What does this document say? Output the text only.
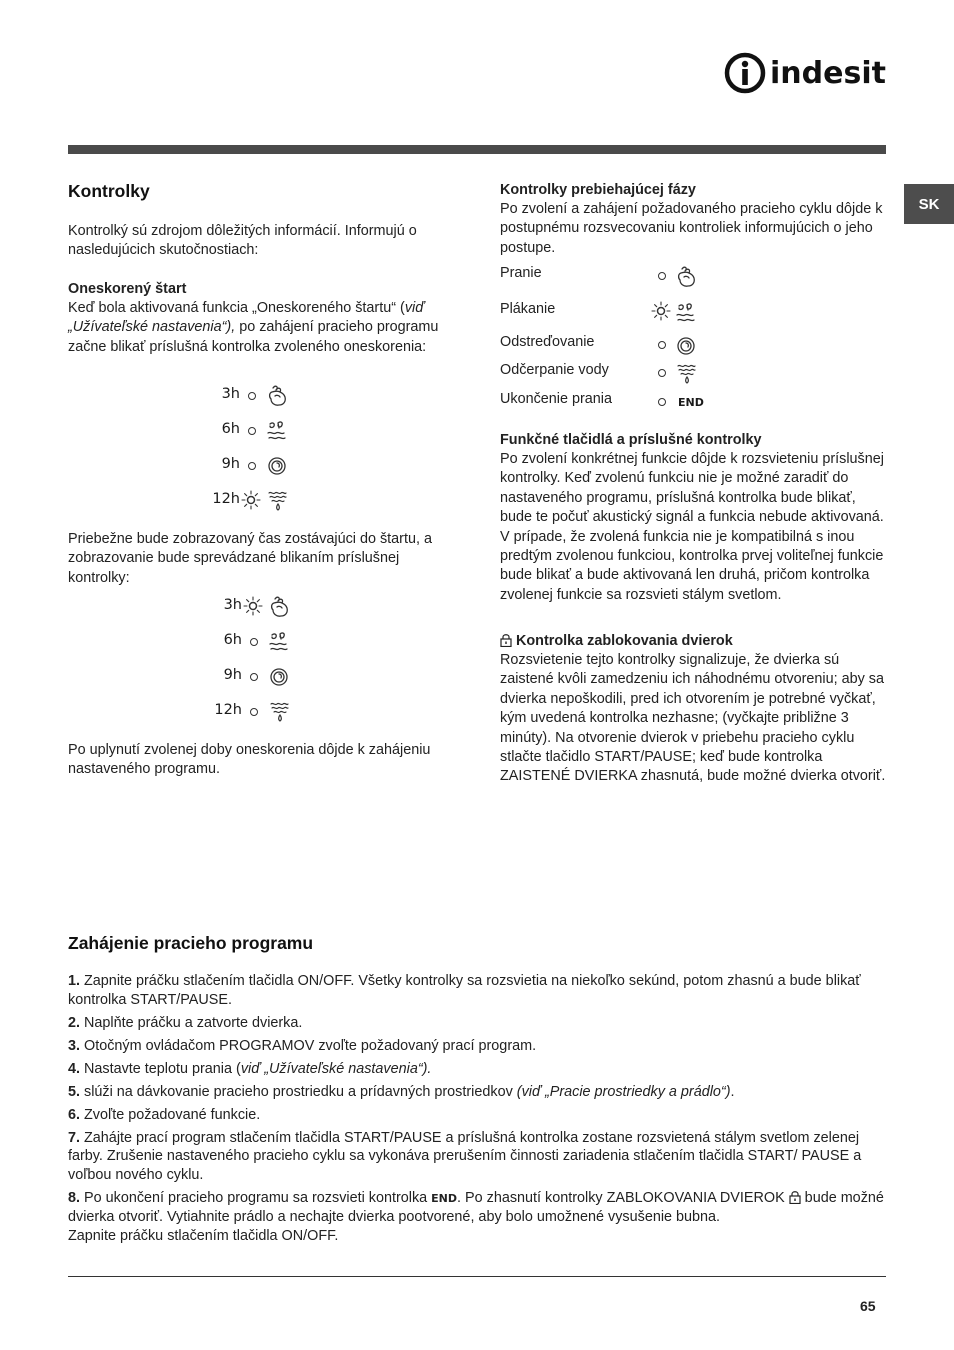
indesit
SK
Kontrolky

Kontrolký sú zdrojom dôležitých informácií. Informujú o nasledujúcich skutočnostiach:

Oneskorený štart

Keď bola aktivovaná funkcia „Oneskoreného štartu“ (viď „Užívateľské nastavenia“), po zahájení pracieho programu začne blikať príslušná kontrolka zvoleného oneskorenia:

3h
6h
9h
12h

Priebežne bude zobrazovaný čas zostávajúci do štartu, a zobrazovanie bude sprevádzané blikaním príslušnej kontrolky:

3h
6h
9h
12h

Po uplynutí zvolenej doby oneskorenia dôjde k zahájeniu nastaveného programu.

Kontrolky prebiehajúcej fázy

Po zvolení a zahájení požadovaného pracieho cyklu dôjde k postupnému rozsvecovaniu kontroliek informujúcich o jeho postupe.

Pranie
Plákanie
Odstreďovanie
Odčerpanie vody
Ukončenie prania	END

Funkčné tlačidlá a príslušné kontrolky

Po zvolení konkrétnej funkcie dôjde k rozsvieteniu príslušnej kontrolky. Keď zvolenú funkciu nie je možné zaradiť do nastaveného programu, príslušná kontrolka bude blikať, bude te počuť akustický signál a funkcia nebude aktivovaná. V prípade, že zvolená funkcia nie je kompatibilná s inou predtým zvolenou funkciou, kontrolka prvej voliteľnej funkcie bude blikať a bude aktivovaná len druhá, pričom kontrolka zvolenej funkcie sa rozsvieti stálym svetlom.

Kontrolka zablokovania dvierok

Rozsvietenie tejto kontrolky signalizuje, že dvierka sú zaistené kvôli zamedzeniu ich náhodnému otvoreniu; aby sa dvierka nepoškodili, pred ich otvorením je potrebné vyčkať, kým uvedená kontrolka nezhasne; (vyčkajte približne 3 minúty). Na otvorenie dvierok v priebehu pracieho cyklu stlačte tlačidlo START/PAUSE; keď bude kontrolka ZAISTENÉ DVIERKA zhasnutá, bude možné dvierka otvoriť.

Zahájenie pracieho programu
1. Zapnite práčku stlačením tlačidla ON/OFF. Všetky kontrolky sa rozsvietia na niekoľko sekúnd, potom zhasnú a bude blikať kontrolka START/PAUSE.
2. Naplňte práčku a zatvorte dvierka.
3. Otočným ovládačom PROGRAMOV zvoľte požadovaný prací program.
4. Nastavte teplotu prania (viď „Užívateľské nastavenia“).
5. slúži na dávkovanie pracieho prostriedku a prídavných prostriedkov (viď „Pracie prostriedky a prádlo“).
6. Zvoľte požadované funkcie.
7. Zahájte prací program stlačením tlačidla START/PAUSE a príslušná kontrolka zostane rozsvietená stálym svetlom zelenej farby. Zrušenie nastaveného pracieho cyklu sa vykonáva prerušením činnosti zariadenia stlačením tlačidla START/ PAUSE a voľbou nového cyklu.
8. Po ukončení pracieho programu sa rozsvieti kontrolka END. Po zhasnutí kontrolky ZABLOKOVANIA DVIEROK  bude možné dvierka otvoriť. Vytiahnite prádlo a nechajte dvierka pootvorené, aby bolo umožnené vysušenie bubna.
Zapnite práčku stlačením tlačidla ON/OFF.
65
